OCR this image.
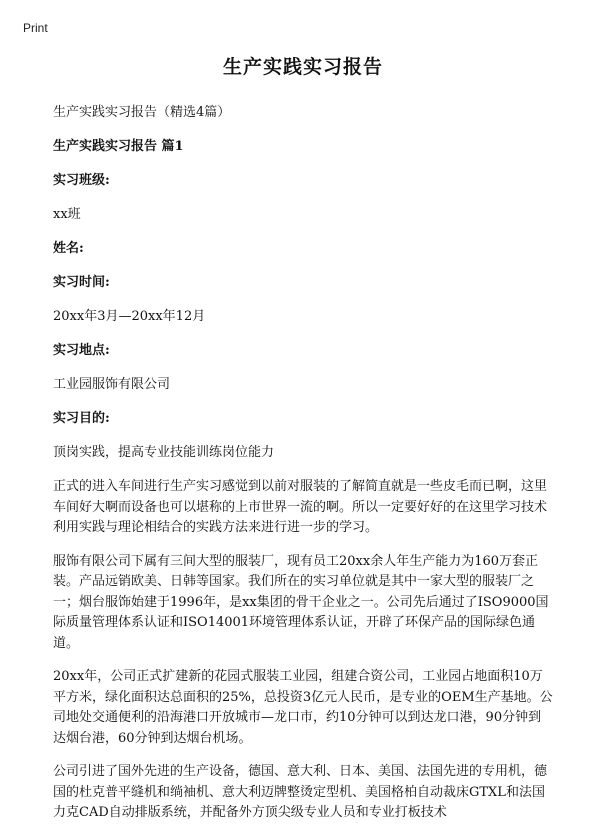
Print
生产实践实习报告
生产实践实习报告（精选4篇）
生产实践实习报告 篇1
实习班级:
xx班
姓名:
实习时间:
20xx年3月—20xx年12月
实习地点:
工业园服饰有限公司
实习目的:
顶岗实践，提高专业技能训练岗位能力
正式的进入车间进行生产实习感觉到以前对服装的了解简直就是一些皮毛而已啊，这里车间好大啊而设备也可以堪称的上市世界一流的啊。所以一定要好好的在这里学习技术利用实践与理论相结合的实践方法来进行进一步的学习。
服饰有限公司下属有三间大型的服装厂，现有员工20xx余人年生产能力为160万套正装。产品远销欧美、日韩等国家。我们所在的实习单位就是其中一家大型的服装厂之一；烟台服饰始建于1996年，是xx集团的骨干企业之一。公司先后通过了ISO9000国际质量管理体系认证和ISO14001环境管理体系认证，开辟了环保产品的国际绿色通道。
20xx年，公司正式扩建新的花园式服装工业园，组建合资公司，工业园占地面积10万平方米，绿化面积达总面积的25%，总投资3亿元人民币，是专业的OEM生产基地。公司地处交通便利的沿海港口开放城市—龙口市，约10分钟可以到达龙口港，90分钟到达烟台港，60分钟到达烟台机场。
公司引进了国外先进的生产设备，德国、意大利、日本、美国、法国先进的专用机，德国的杜克普平缝机和绱袖机、意大利迈牌整烫定型机、美国格柏自动裁床GTXL和法国力克CAD自动排版系统，并配备外方顶尖级专业人员和专业打板技术
